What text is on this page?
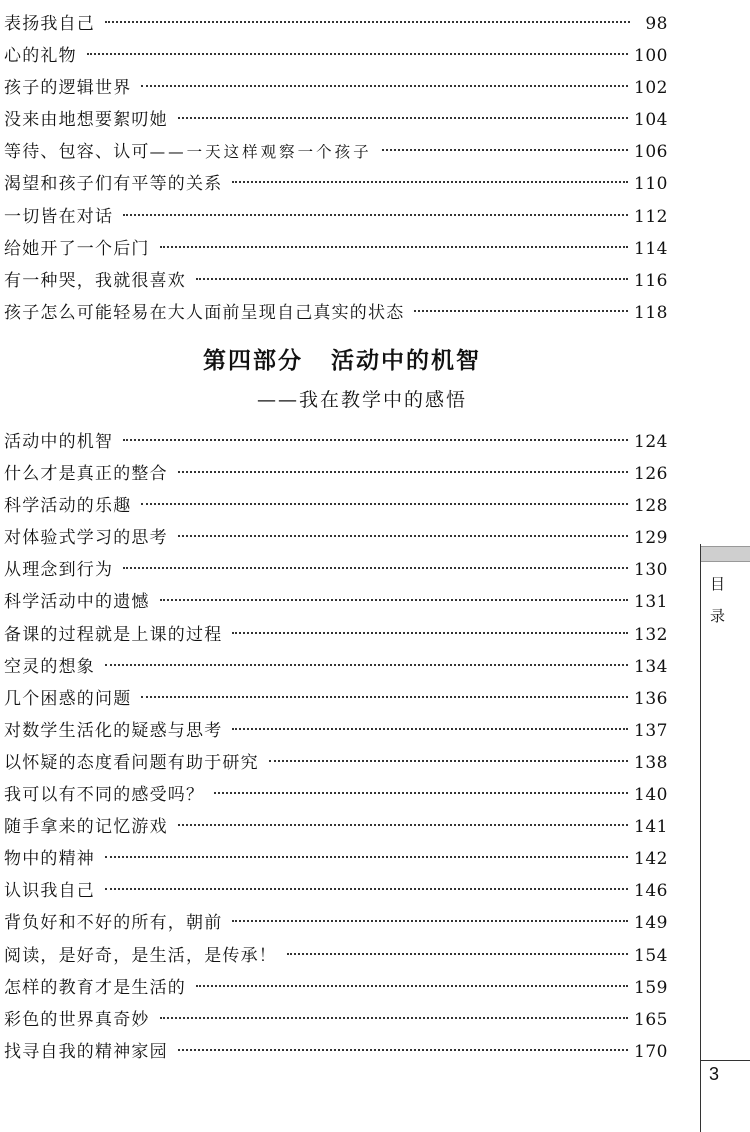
表扬我自己	98
心的礼物	100
孩子的逻辑世界	102
没来由地想要絮叨她	104
等待、包容、认可——一天这样观察一个孩子	106
渴望和孩子们有平等的关系	110
一切皆在对话	112
给她开了一个后门	114
有一种哭，我就很喜欢	116
孩子怎么可能轻易在大人面前呈现自己真实的状态	118
第四部分 活动中的机智
——我在教学中的感悟
活动中的机智	124
什么才是真正的整合	126
科学活动的乐趣	128
对体验式学习的思考	129
从理念到行为	130
科学活动中的遗憾	131
备课的过程就是上课的过程	132
空灵的想象	134
几个困惑的问题	136
对数学生活化的疑惑与思考	137
以怀疑的态度看问题有助于研究	138
我可以有不同的感受吗？	140
随手拿来的记忆游戏	141
物中的精神	142
认识我自己	146
背负好和不好的所有，朝前	149
阅读，是好奇，是生活，是传承！	154
怎样的教育才是生活的	159
彩色的世界真奇妙	165
找寻自我的精神家园	170
目
录
3
